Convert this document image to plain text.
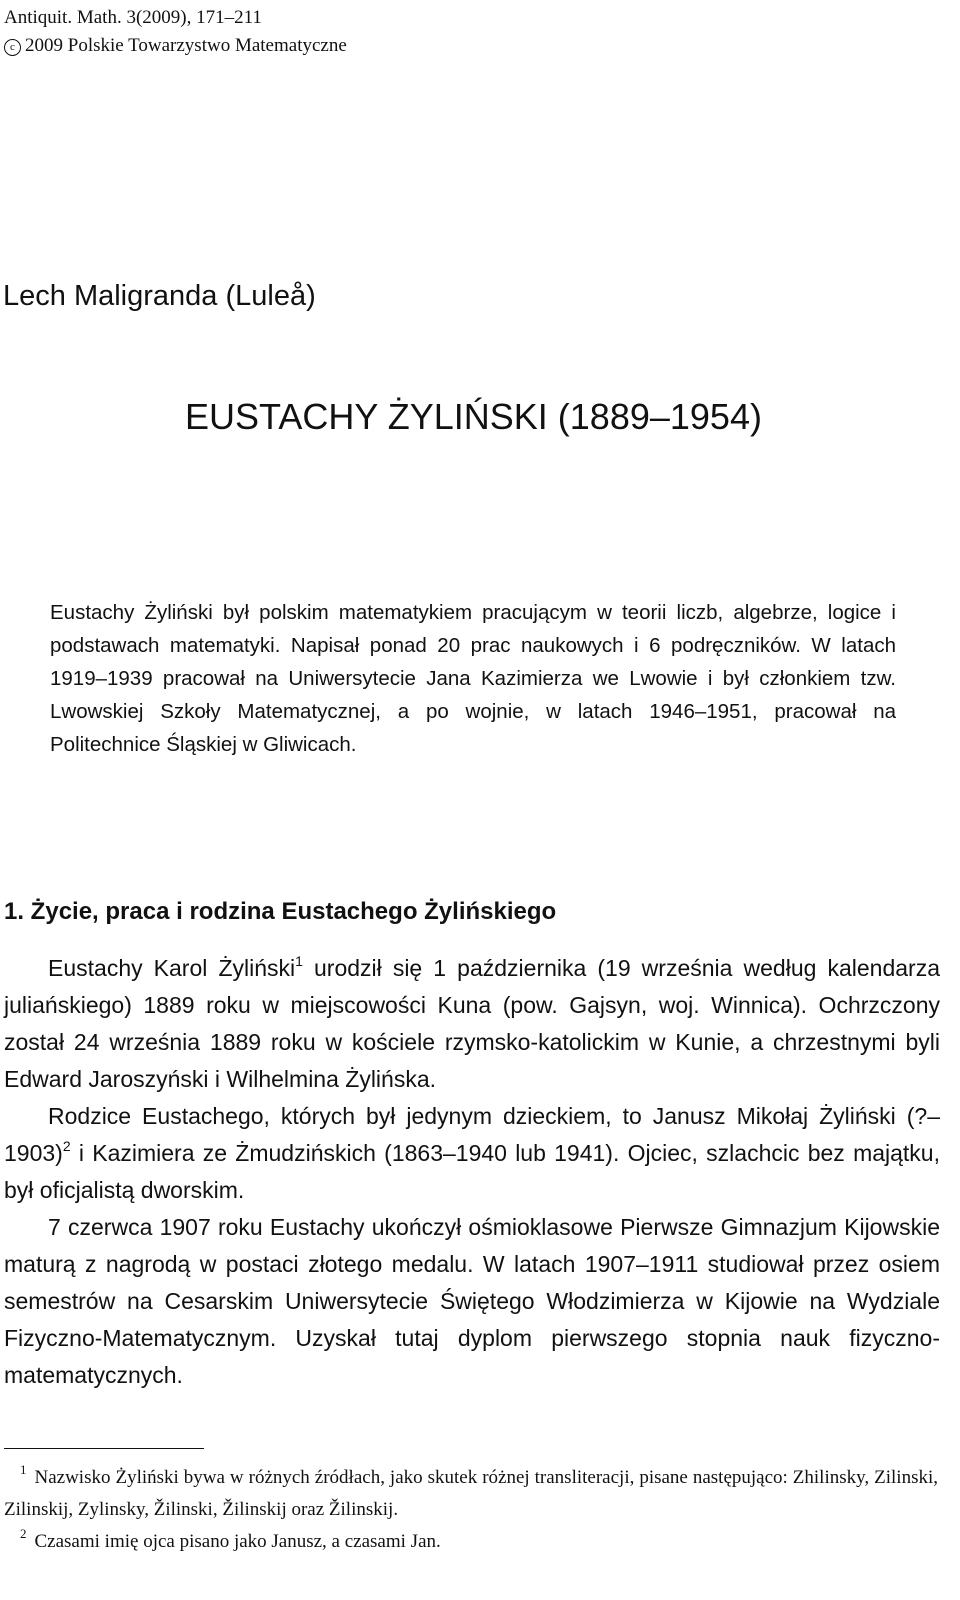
Antiquit. Math. 3(2009), 171–211
c 2009 Polskie Towarzystwo Matematyczne
Lech Maligranda (Luleå)
EUSTACHY ŻYLIŃSKI (1889–1954)
Eustachy Żyliński był polskim matematykiem pracującym w teorii liczb, algebrze, logice i podstawach matematyki. Napisał ponad 20 prac naukowych i 6 podręczników. W latach 1919–1939 pracował na Uniwersytecie Jana Kazimierza we Lwowie i był członkiem tzw. Lwowskiej Szkoły Matematycznej, a po wojnie, w latach 1946–1951, pracował na Politechnice Śląskiej w Gliwicach.
1. Życie, praca i rodzina Eustachego Żylińskiego

Eustachy Karol Żyliński$^1$ urodził się 1 października (19 września według kalendarza juliańskiego) 1889 roku w miejscowości Kuna (pow. Gajsyn, woj. Winnica). Ochrzczony został 24 września 1889 roku w kościele rzymsko-katolickim w Kunie, a chrzestnymi byli Edward Jaroszyński i Wilhelmina Żylińska.

Rodzice Eustachego, których był jedynym dzieckiem, to Janusz Mikołaj Żyliński (?–1903)$^2$ i Kazimiera ze Żmudzińskich (1863–1940 lub 1941). Ojciec, szlachcic bez majątku, był oficjalistą dworskim.

7 czerwca 1907 roku Eustachy ukończył ośmioklasowe Pierwsze Gimnazjum Kijowskie maturą z nagrodą w postaci złotego medalu. W latach 1907–1911 studiował przez osiem semestrów na Cesarskim Uniwersytecie Świętego Włodzimierza w Kijowie na Wydziale Fizyczno-Matematycznym. Uzyskał tutaj dyplom pierwszego stopnia nauk fizyczno-matematycznych.

$^1$ Nazwisko Żyliński bywa w różnych źródłach, jako skutek różnej transliteracji, pisane następująco: Zhilinsky, Zilinski, Zilinskij, Zylinsky, Žilinski, Žilinskij oraz Žilinskij.

$^2$ Czasami imię ojca pisano jako Janusz, a czasami Jan.
